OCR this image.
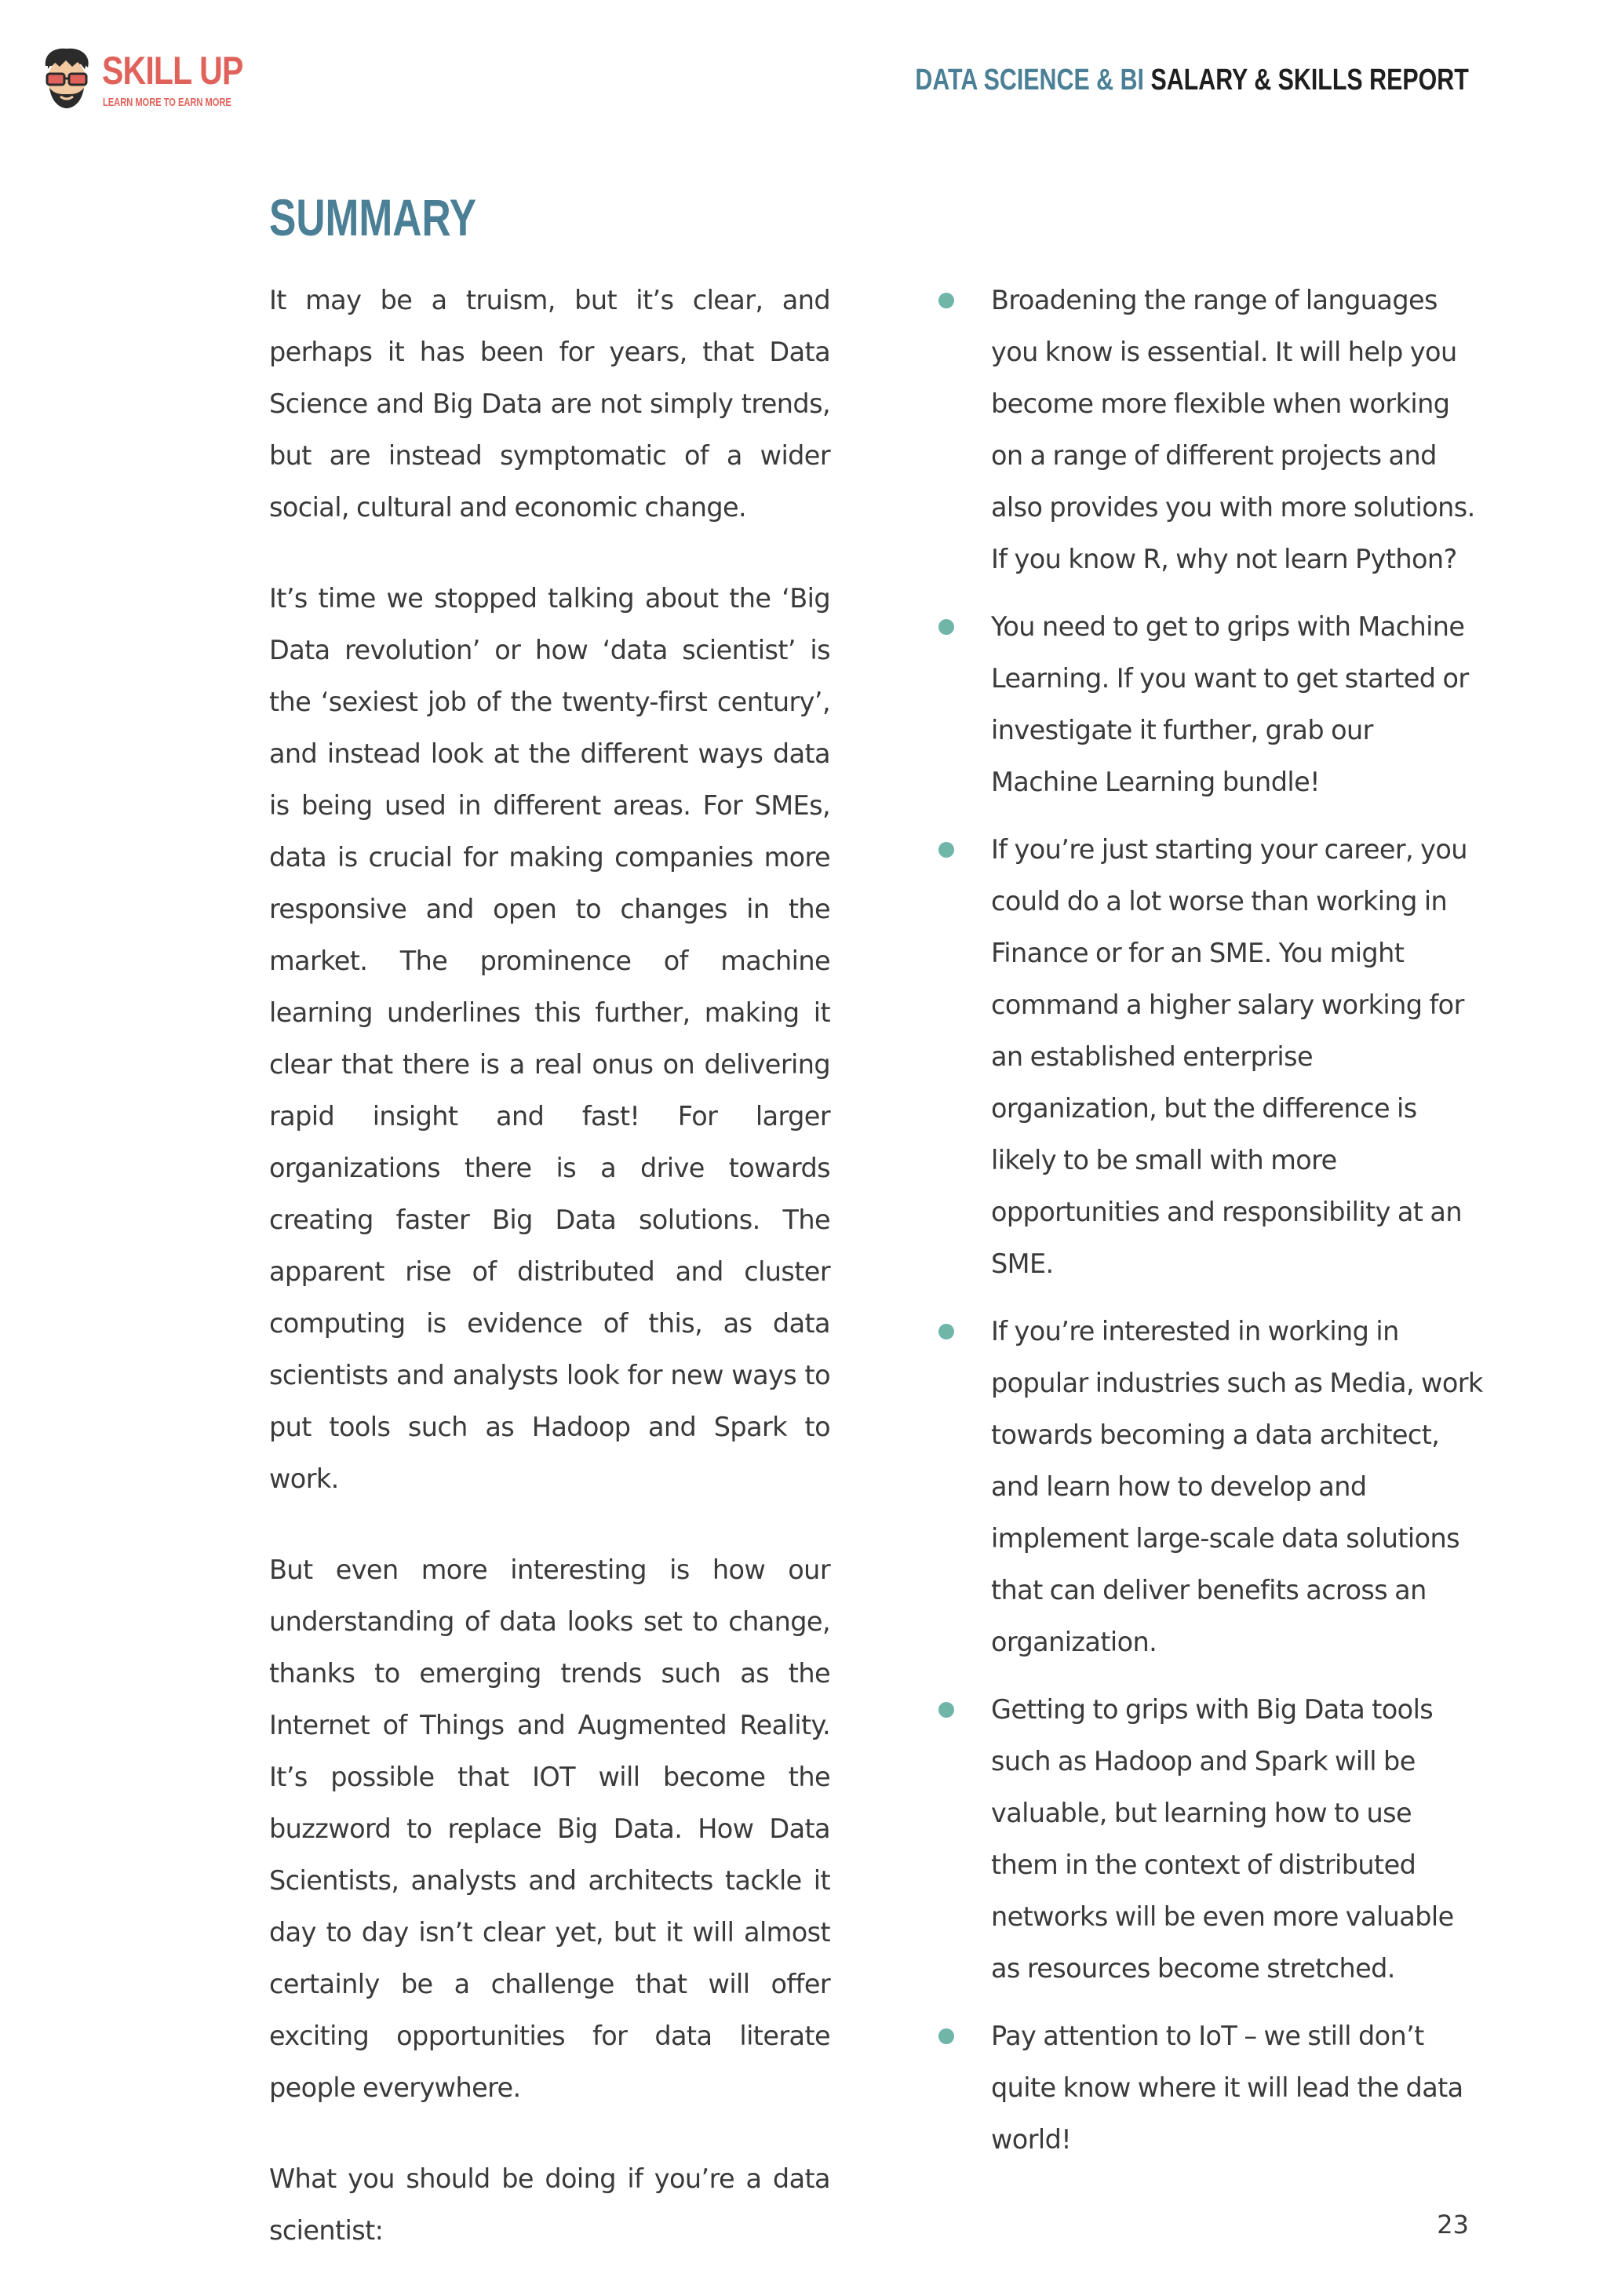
SKILL UP
LEARN MORE TO EARN MORE
DATA SCIENCE & BI SALARY & SKILLS REPORT
SUMMARY

It may be a truism, but it’s clear, and perhaps it has been for years, that Data Science and Big Data are not simply trends, but are instead symptomatic of a wider social, cultural and economic change.

It’s time we stopped talking about the ‘Big Data revolution’ or how ‘data scientist’ is the ‘sexiest job of the twenty-first century’, and instead look at the different ways data is being used in different areas. For SMEs, data is crucial for making companies more responsive and open to changes in the market. The prominence of machine learning underlines this further, making it clear that there is a real onus on delivering rapid insight and fast! For larger organizations there is a drive towards creating faster Big Data solutions. The apparent rise of distributed and cluster computing is evidence of this, as data scientists and analysts look for new ways to put tools such as Hadoop and Spark to work.

But even more interesting is how our understanding of data looks set to change, thanks to emerging trends such as the Internet of Things and Augmented Reality. It’s possible that IOT will become the buzzword to replace Big Data. How Data Scientists, analysts and architects tackle it day to day isn’t clear yet, but it will almost certainly be a challenge that will offer exciting opportunities for data literate people everywhere.

What you should be doing if you’re a data scientist:

Broadening the range of languages you know is essential. It will help you become more flexible when working on a range of different projects and also provides you with more solutions. If you know R, why not learn Python?
You need to get to grips with Machine Learning. If you want to get started or investigate it further, grab our Machine Learning bundle!
If you’re just starting your career, you could do a lot worse than working in Finance or for an SME. You might command a higher salary working for an established enterprise organization, but the difference is likely to be small with more opportunities and responsibility at an SME.
If you’re interested in working in popular industries such as Media, work towards becoming a data architect, and learn how to develop and implement large-scale data solutions that can deliver benefits across an organization.
Getting to grips with Big Data tools such as Hadoop and Spark will be valuable, but learning how to use them in the context of distributed networks will be even more valuable as resources become stretched.
Pay attention to IoT – we still don’t quite know where it will lead the data world!
23
